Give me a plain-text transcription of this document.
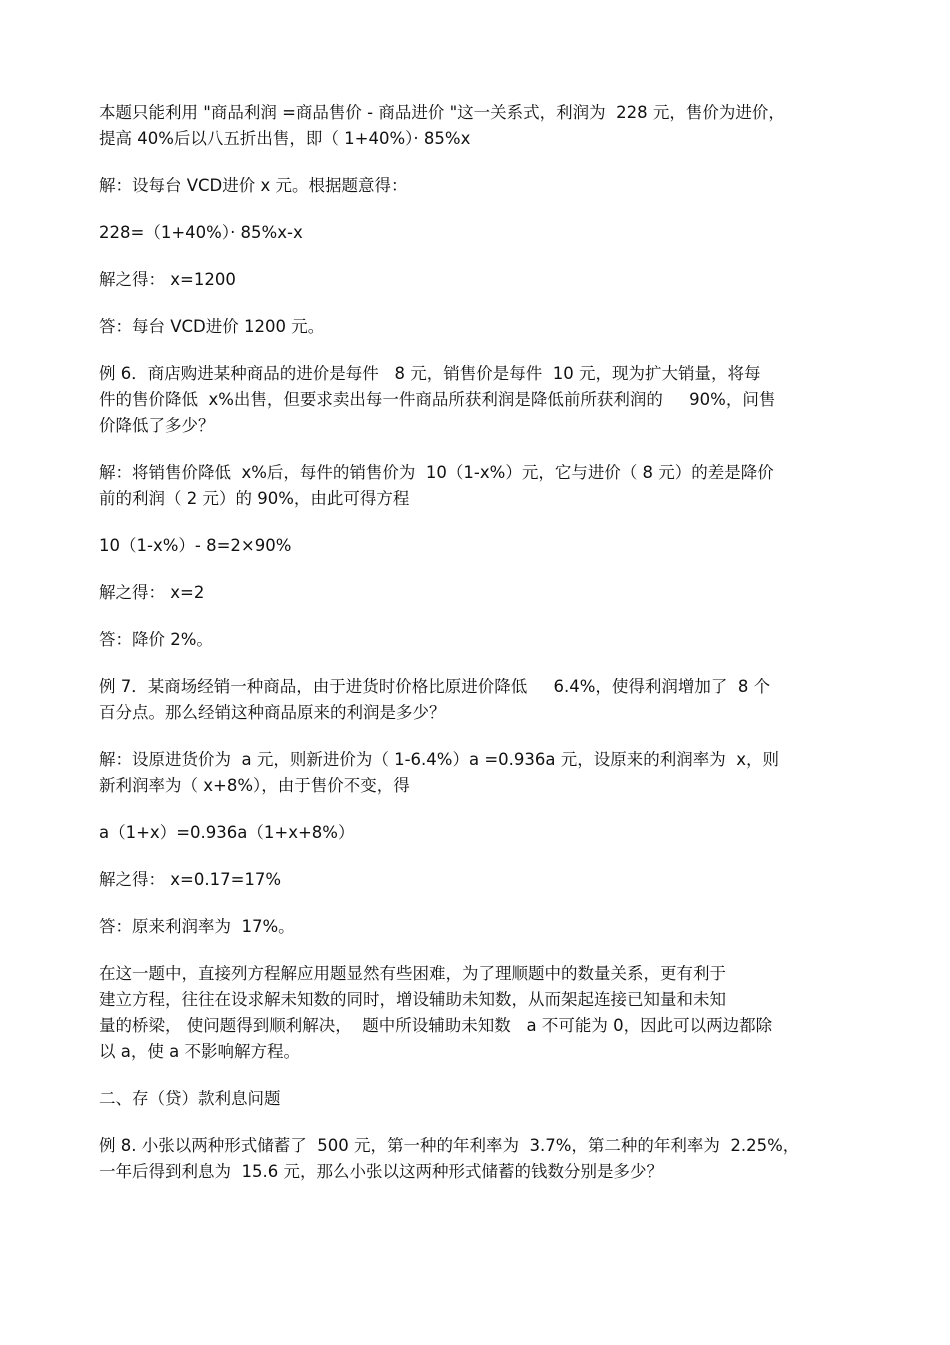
本题只能利用 "商品利润 =商品售价 - 商品进价 "这一关系式，利润为  228 元，售价为进价，
提高 40%后以八五折出售，即（ 1+40%）· 85%x

解：设每台 VCD进价 x 元。根据题意得：

228=（1+40%）· 85%x-x

解之得： x=1200

答：每台 VCD进价 1200 元。

例 6．商店购进某种商品的进价是每件   8 元，销售价是每件  10 元，现为扩大销量，将每
件的售价降低  x%出售，但要求卖出每一件商品所获利润是降低前所获利润的     90%，问售
价降低了多少？

解：将销售价降低  x%后，每件的销售价为  10（1-x%）元，它与进价（ 8 元）的差是降价
前的利润（ 2 元）的 90%，由此可得方程

10（1-x%）- 8=2×90%

解之得： x=2

答：降价 2%。

例 7．某商场经销一种商品，由于进货时价格比原进价降低     6.4%，使得利润增加了  8 个
百分点。那么经销这种商品原来的利润是多少？

解：设原进货价为  a 元，则新进价为（ 1-6.4%）a =0.936a 元，设原来的利润率为  x，则
新利润率为（ x+8%），由于售价不变，得

a（1+x）=0.936a（1+x+8%）

解之得： x=0.17=17%

答：原来利润率为  17%。

在这一题中，直接列方程解应用题显然有些困难，为了理顺题中的数量关系，更有利于
建立方程，往往在设求解未知数的同时，增设辅助未知数，从而架起连接已知量和未知
量的桥梁， 使问题得到顺利解决，  题中所设辅助未知数   a 不可能为 0，因此可以两边都除
以 a，使 a 不影响解方程。

二、存（贷）款利息问题

例 8. 小张以两种形式储蓄了  500 元，第一种的年利率为  3.7%，第二种的年利率为  2.25%，
一年后得到利息为  15.6 元，那么小张以这两种形式储蓄的钱数分别是多少？
